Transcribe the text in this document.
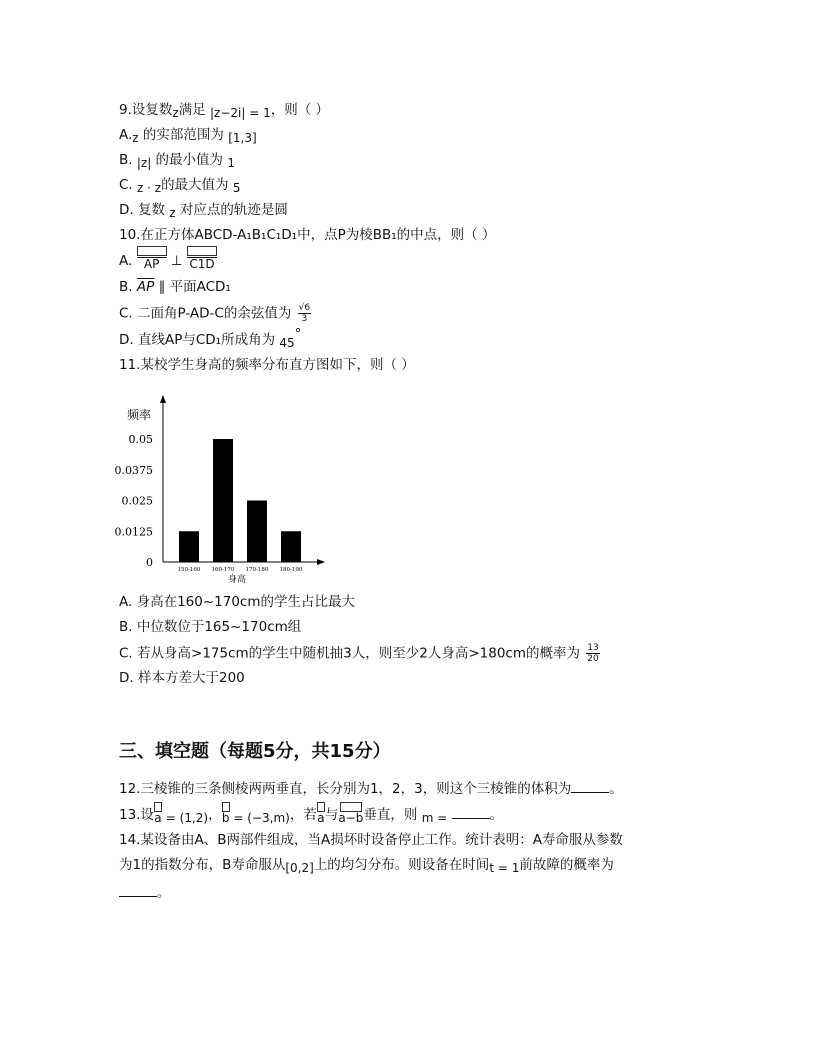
9.设复数z满足 |z−2i| = 1，则（ ）
A.z 的实部范围为 [1,3]
B. |z| 的最小值为 1
C. z · z的最大值为 5
D. 复数 z 对应点的轨迹是圆
10.在正方体ABCD-A₁B₁C₁D₁中，点P为棱BB₁的中点，则（ ）
A. AP ⊥ C1D
B. $\overline{AP}$ ∥ 平面ACD₁
C. 二面角P-AD-C的余弦值为 $\frac{√6}{3}$
D. 直线AP与CD₁所成角为 45°
11.某校学生身高的频率分布直方图如下，则（ ）
频率
身高
0
0.0125
0.025
0.0375
0.05
150-160 160-170 170-180 180-190
A. 身高在160~170cm的学生占比最大
B. 中位数位于165~170cm组
C. 若从身高>175cm的学生中随机抽3人，则至少2人身高>180cm的概率为 $\frac{13}{20}$
D. 样本方差大于200
三、填空题（每题5分，共15分）
12.三棱锥的三条侧棱两两垂直，长分别为1，2，3，则这个三棱锥的体积为	。
13.设
a = (1,2)，
b = (−3,m)，若
a与
a−b垂直，则 m =	。
14.某设备由A、B两部件组成，当A损坏时设备停止工作。统计表明：A寿命服从参数
为1的指数分布，B寿命服从[0,2]上的均匀分布。则设备在时间t = 1前故障的概率为
。
